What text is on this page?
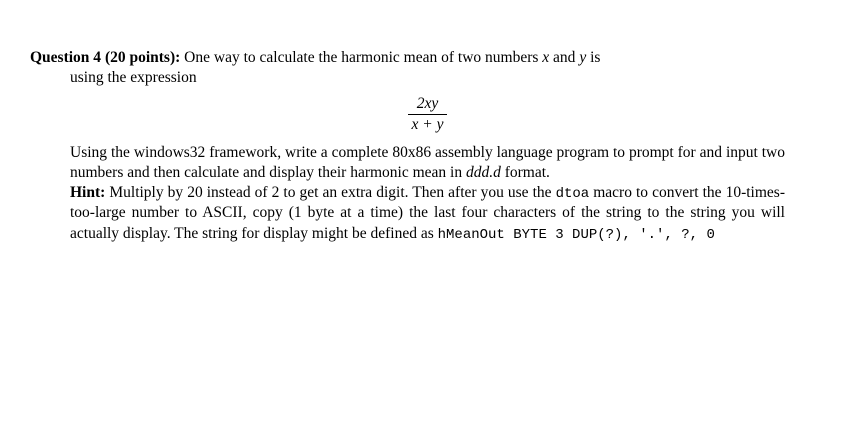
Question 4 (20 points): One way to calculate the harmonic mean of two numbers x and y is

using the expression

$\frac{2xy}{x + y}$

Using the windows32 framework, write a complete 80x86 assembly language program to prompt for and input two numbers and then calculate and display their harmonic mean in ddd.d format.

Hint: Multiply by 20 instead of 2 to get an extra digit. Then after you use the dtoa macro to convert the 10-times-too-large number to ASCII, copy (1 byte at a time) the last four characters of the string to the string you will actually display. The string for display might be defined as hMeanOut BYTE 3 DUP(?), '.', ?, 0
